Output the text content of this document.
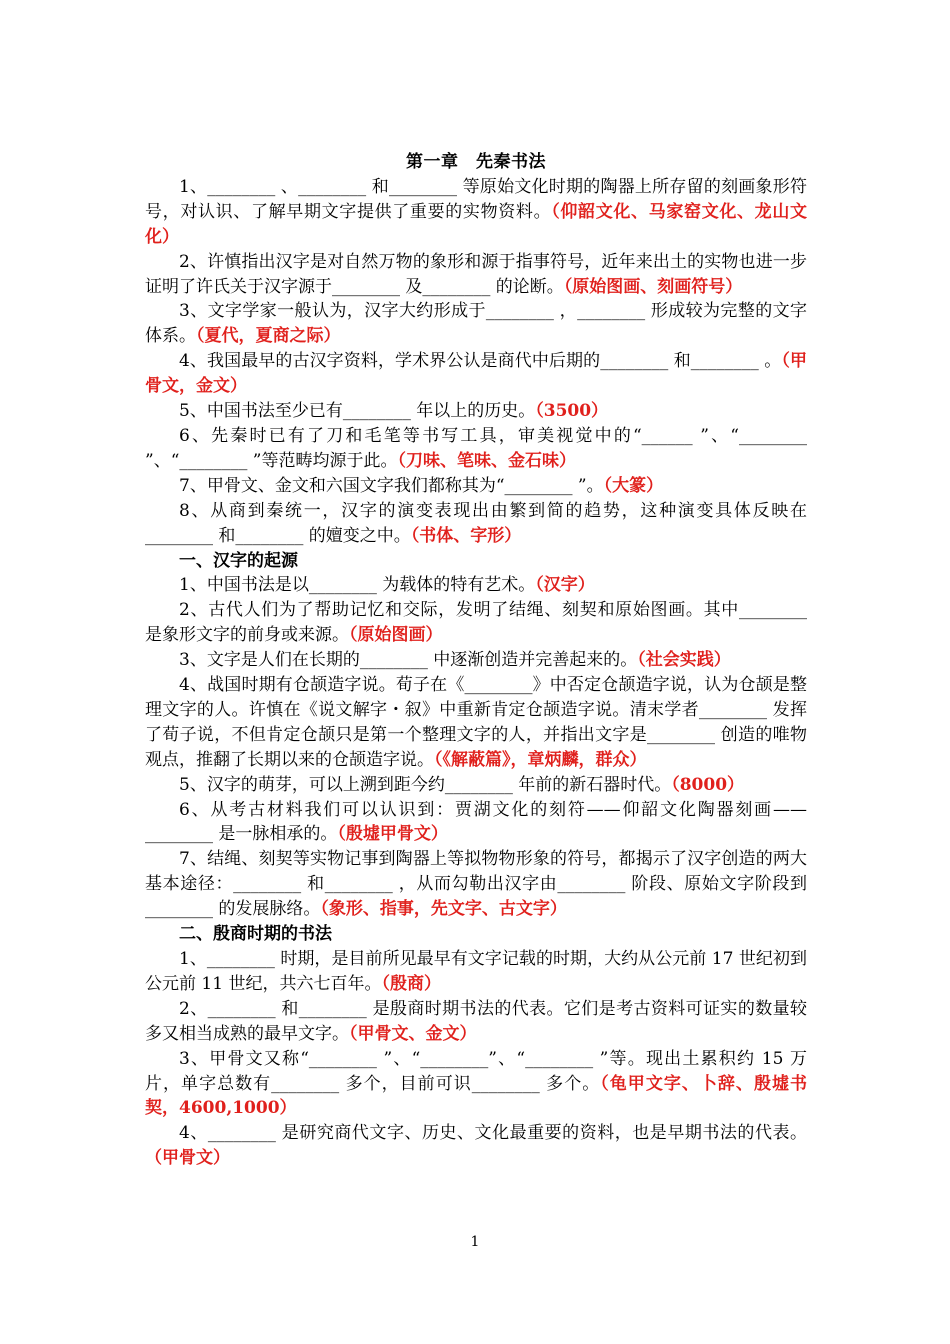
第一章　先秦书法

1、________ 、________ 和________ 等原始文化时期的陶器上所存留的刻画象形符号，对认识、了解早期文字提供了重要的实物资料。（仰韶文化、马家窑文化、龙山文化）

2、许慎指出汉字是对自然万物的象形和源于指事符号，近年来出土的实物也进一步证明了许氏关于汉字源于________ 及________ 的论断。（原始图画、刻画符号）

3、文字学家一般认为，汉字大约形成于________ ，________ 形成较为完整的文字体系。（夏代，夏商之际）

4、我国最早的古汉字资料，学术界公认是商代中后期的________ 和________ 。（甲骨文，金文）

5、中国书法至少已有________ 年以上的历史。（3500）

6、先秦时已有了刀和毛笔等书写工具，审美视觉中的“______ ”、“________ ”、“________ ”等范畴均源于此。（刀味、笔味、金石味）

7、甲骨文、金文和六国文字我们都称其为“________ ”。（大篆）

8、从商到秦统一，汉字的演变表现出由繁到简的趋势，这种演变具体反映在________ 和________ 的嬗变之中。（书体、字形）

一、汉字的起源

1、中国书法是以________ 为载体的特有艺术。（汉字）

2、古代人们为了帮助记忆和交际，发明了结绳、刻契和原始图画。其中________ 是象形文字的前身或来源。（原始图画）

3、文字是人们在长期的________ 中逐渐创造并完善起来的。（社会实践）

4、战国时期有仓颉造字说。荀子在《________》中否定仓颉造字说，认为仓颉是整理文字的人。许慎在《说文解字・叙》中重新肯定仓颉造字说。清末学者________ 发挥了荀子说，不但肯定仓颉只是第一个整理文字的人，并指出文字是________ 创造的唯物观点，推翻了长期以来的仓颉造字说。（《解蔽篇》，章炳麟，群众）

5、汉字的萌芽，可以上溯到距今约________ 年前的新石器时代。（8000）

6、从考古材料我们可以认识到：贾湖文化的刻符——仰韶文化陶器刻画——________ 是一脉相承的。（殷墟甲骨文）

7、结绳、刻契等实物记事到陶器上等拟物物形象的符号，都揭示了汉字创造的两大基本途径：________ 和________ ，从而勾勒出汉字由________ 阶段、原始文字阶段到________ 的发展脉络。（象形、指事，先文字、古文字）

二、殷商时期的书法

1、________ 时期，是目前所见最早有文字记载的时期，大约从公元前 17 世纪初到公元前 11 世纪，共六七百年。（殷商）

2、________ 和________ 是殷商时期书法的代表。它们是考古资料可证实的数量较多又相当成熟的最早文字。（甲骨文、金文）

3、甲骨文又称“________ ”、“________”、“________ ”等。现出土累积约 15 万片，单字总数有________ 多个，目前可识________ 多个。（龟甲文字、卜辞、殷墟书契，4600,1000）

4、________ 是研究商代文字、历史、文化最重要的资料，也是早期书法的代表。（甲骨文）

1
